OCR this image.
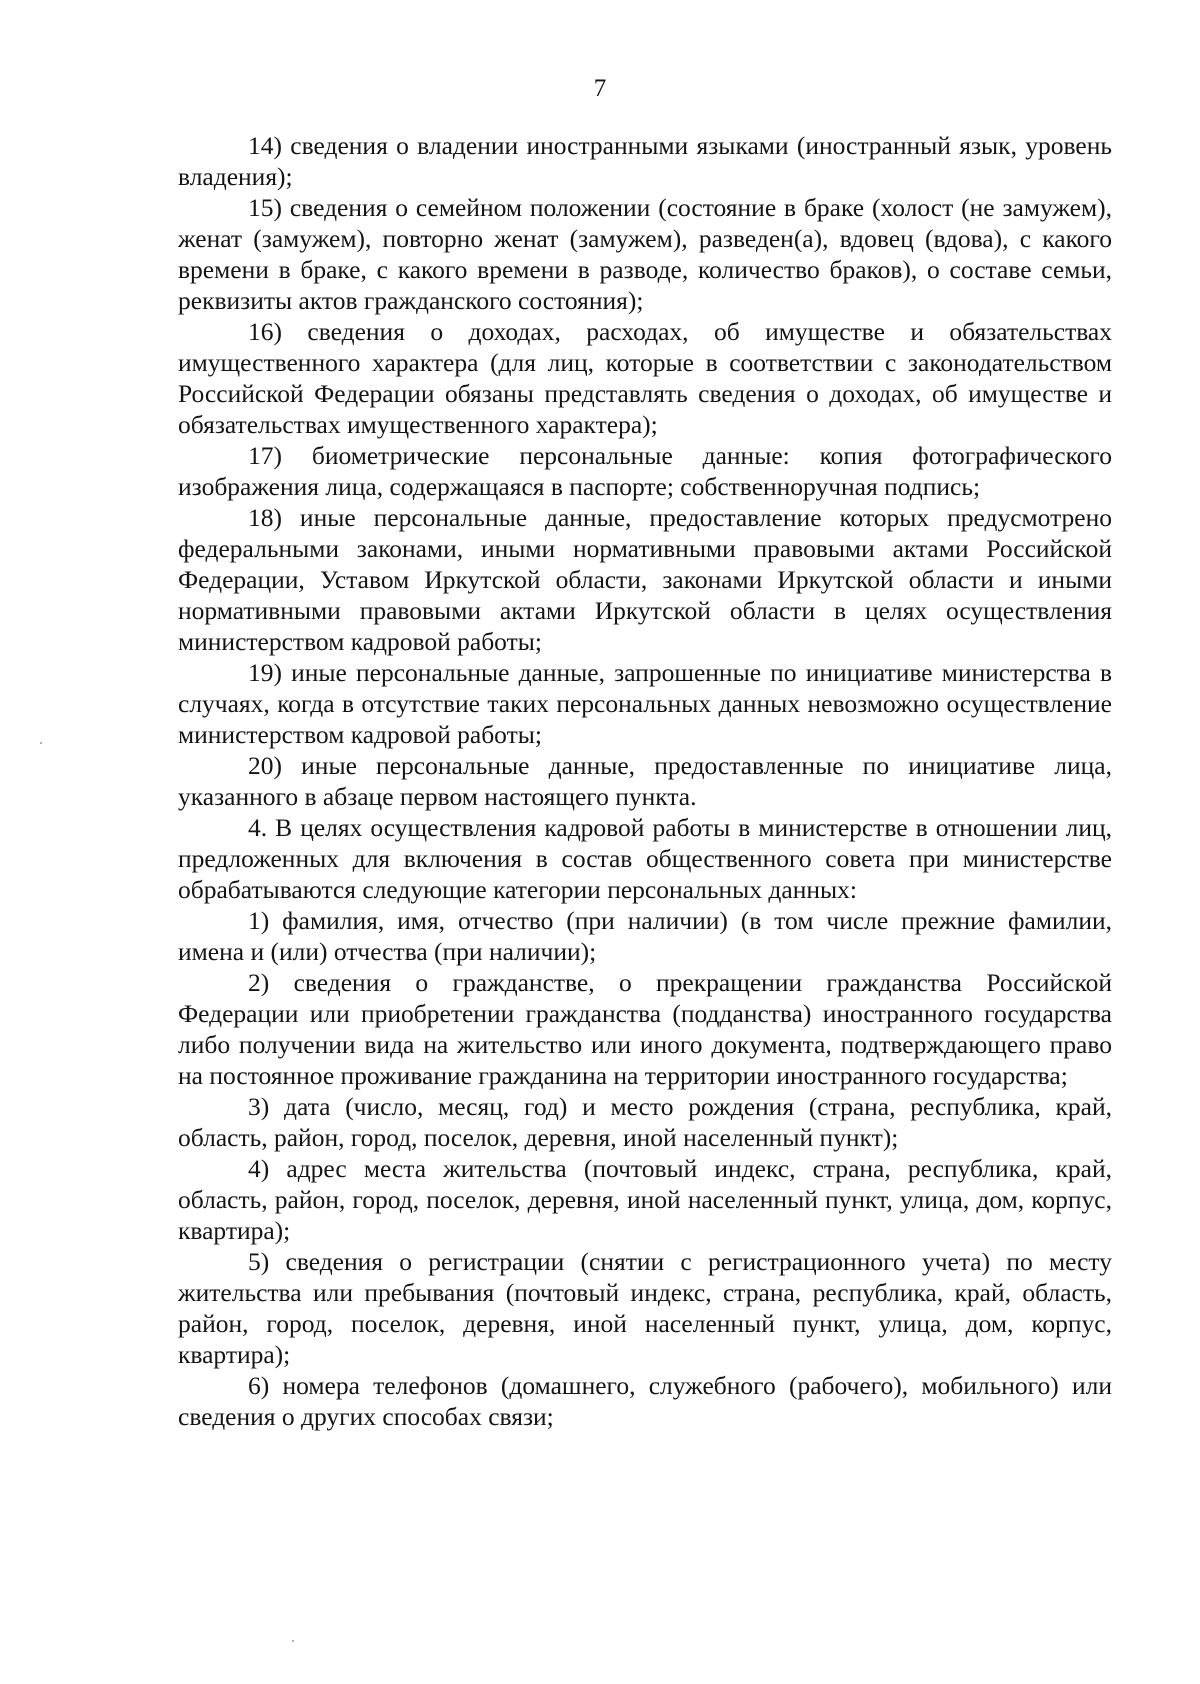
7

14) сведения о владении иностранными языками (иностранный язык, уровень владения);

15) сведения о семейном положении (состояние в браке (холост (не замужем), женат (замужем), повторно женат (замужем), разведен(а), вдовец (вдова), с какого времени в браке, с какого времени в разводе, количество браков), о составе семьи, реквизиты актов гражданского состояния);

16) сведения о доходах, расходах, об имуществе и обязательствах имущественного характера (для лиц, которые в соответствии с законодательством Российской Федерации обязаны представлять сведения о доходах, об имуществе и обязательствах имущественного характера);

17) биометрические персональные данные: копия фотографического изображения лица, содержащаяся в паспорте; собственноручная подпись;

18) иные персональные данные, предоставление которых предусмотрено федеральными законами, иными нормативными правовыми актами Российской Федерации, Уставом Иркутской области, законами Иркутской области и иными нормативными правовыми актами Иркутской области в целях осуществления министерством кадровой работы;

19) иные персональные данные, запрошенные по инициативе министерства в случаях, когда в отсутствие таких персональных данных невозможно осуществление министерством кадровой работы;

20) иные персональные данные, предоставленные по инициативе лица, указанного в абзаце первом настоящего пункта.

4. В целях осуществления кадровой работы в министерстве в отношении лиц, предложенных для включения в состав общественного совета при министерстве обрабатываются следующие категории персональных данных:

1) фамилия, имя, отчество (при наличии) (в том числе прежние фамилии, имена и (или) отчества (при наличии);

2) сведения о гражданстве, о прекращении гражданства Российской Федерации или приобретении гражданства (подданства) иностранного государства либо получении вида на жительство или иного документа, подтверждающего право на постоянное проживание гражданина на территории иностранного государства;

3) дата (число, месяц, год) и место рождения (страна, республика, край, область, район, город, поселок, деревня, иной населенный пункт);

4) адрес места жительства (почтовый индекс, страна, республика, край, область, район, город, поселок, деревня, иной населенный пункт, улица, дом, корпус, квартира);

5) сведения о регистрации (снятии с регистрационного учета) по месту жительства или пребывания (почтовый индекс, страна, республика, край, область, район, город, поселок, деревня, иной населенный пункт, улица, дом, корпус, квартира);

6) номера телефонов (домашнего, служебного (рабочего), мобильного) или сведения о других способах связи;
